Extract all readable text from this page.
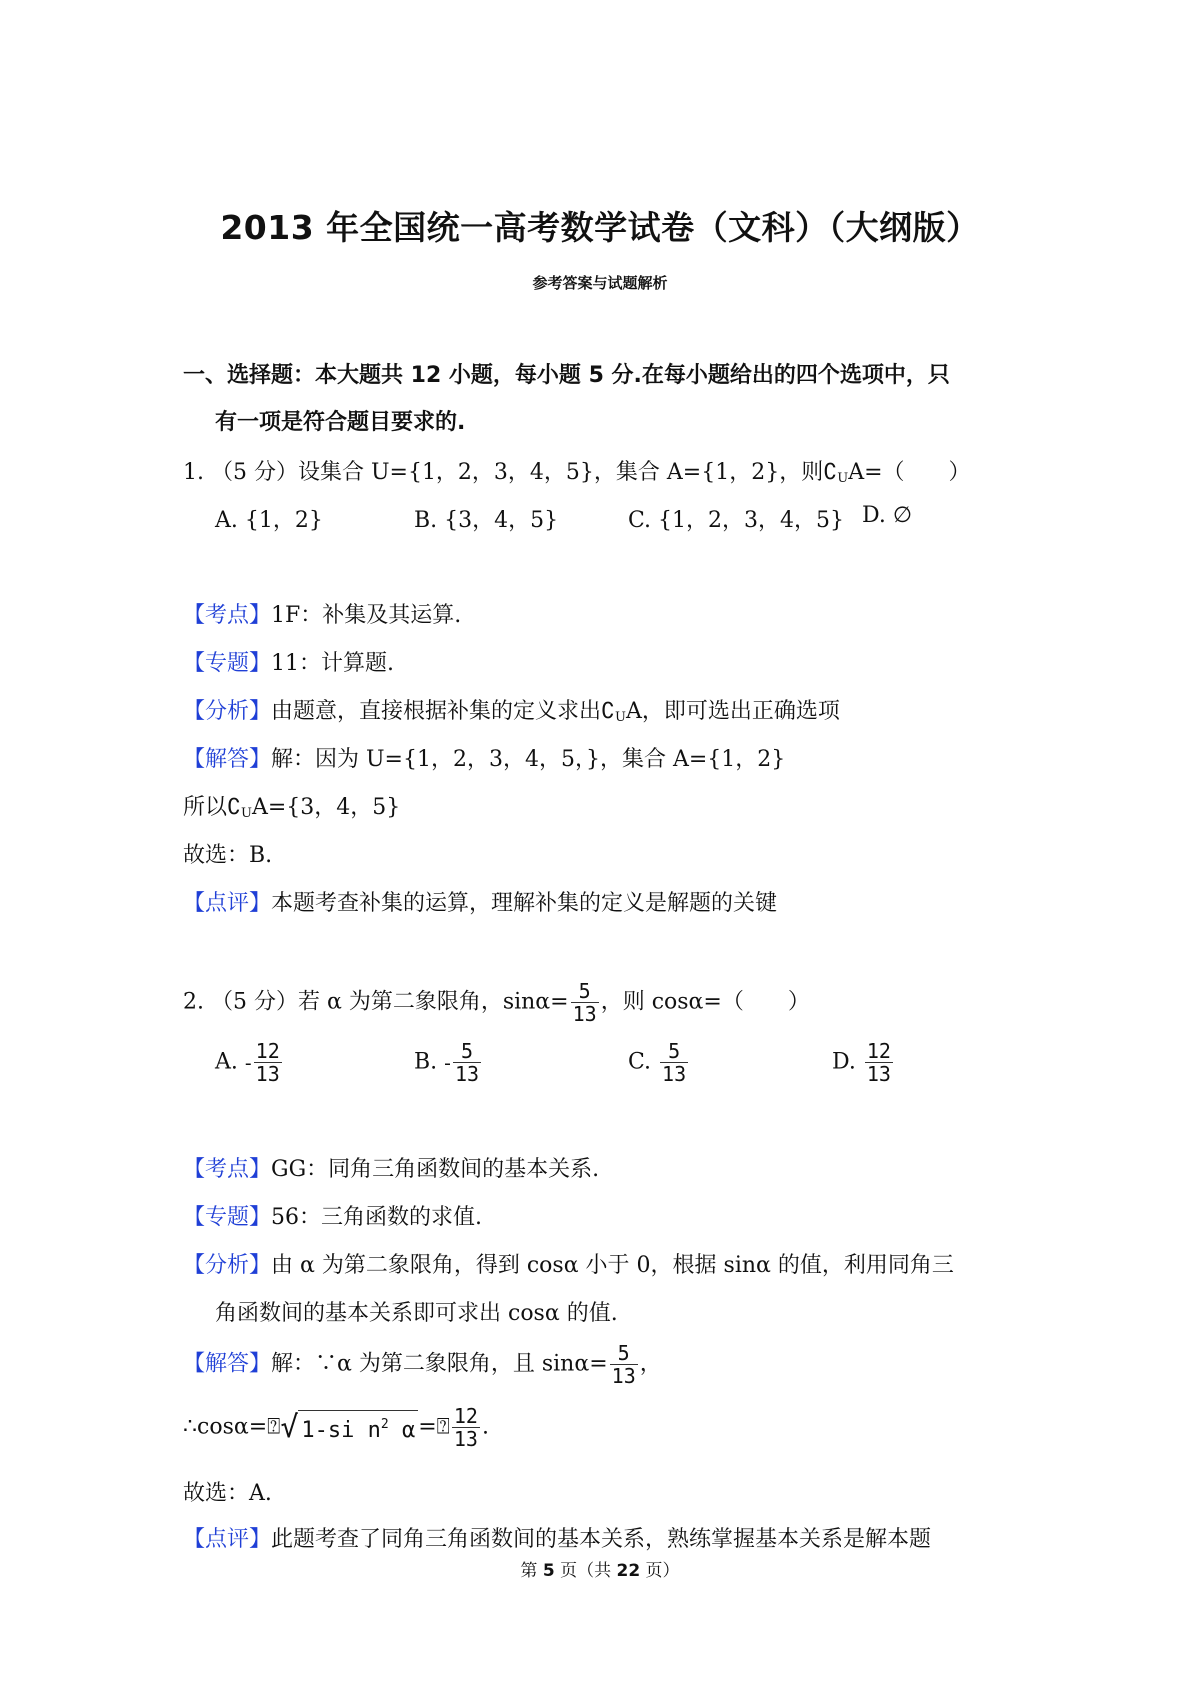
2013 年全国统一高考数学试卷（文科）（大纲版）
参考答案与试题解析
一、选择题：本大题共 12 小题，每小题 5 分.在每小题给出的四个选项中，只
有一项是符合题目要求的.
1. （5 分）设集合 U={1，2，3，4，5}，集合 A={1，2}，则$∁_UA=$（　　）
A. {1，2}	B. {3，4，5}	C. {1，2，3，4，5} D. ∅
【考点】1F：补集及其运算.
【专题】11：计算题.
【分析】由题意，直接根据补集的定义求出$∁_UA$，即可选出正确选项
【解答】解：因为 U={1，2，3，4，5，}，集合 A={1，2}
所以$∁_UA=\{3$，4，5}
故选：B.
【点评】本题考查补集的运算，理解补集的定义是解题的关键
2. （5 分）若 α 为第二象限角，$\sin\alpha= \frac{5}{13}$ ，则 cosα=（　　）
A. - $\frac{12}{13}$	B. - $\frac{5}{13}$	C. $\frac{5}{13}$	D. $\frac{12}{13}$
【考点】GG：同角三角函数间的基本关系.
【专题】56：三角函数的求值.
【分析】由 α 为第二象限角，得到 cosα 小于 0，根据 sinα 的值，利用同角三
角函数间的基本关系即可求出 cosα 的值.
【解答】解：∵α 为第二象限角，且 $\sin\alpha= \frac{5}{13}$ ，
∴cosα=⍰√ 1-si $n^2$ α =⍰ $\frac{12}{13}$ .
故选：A.
【点评】此题考查了同角三角函数间的基本关系，熟练掌握基本关系是解本题
第 5 页（共 22 页）
